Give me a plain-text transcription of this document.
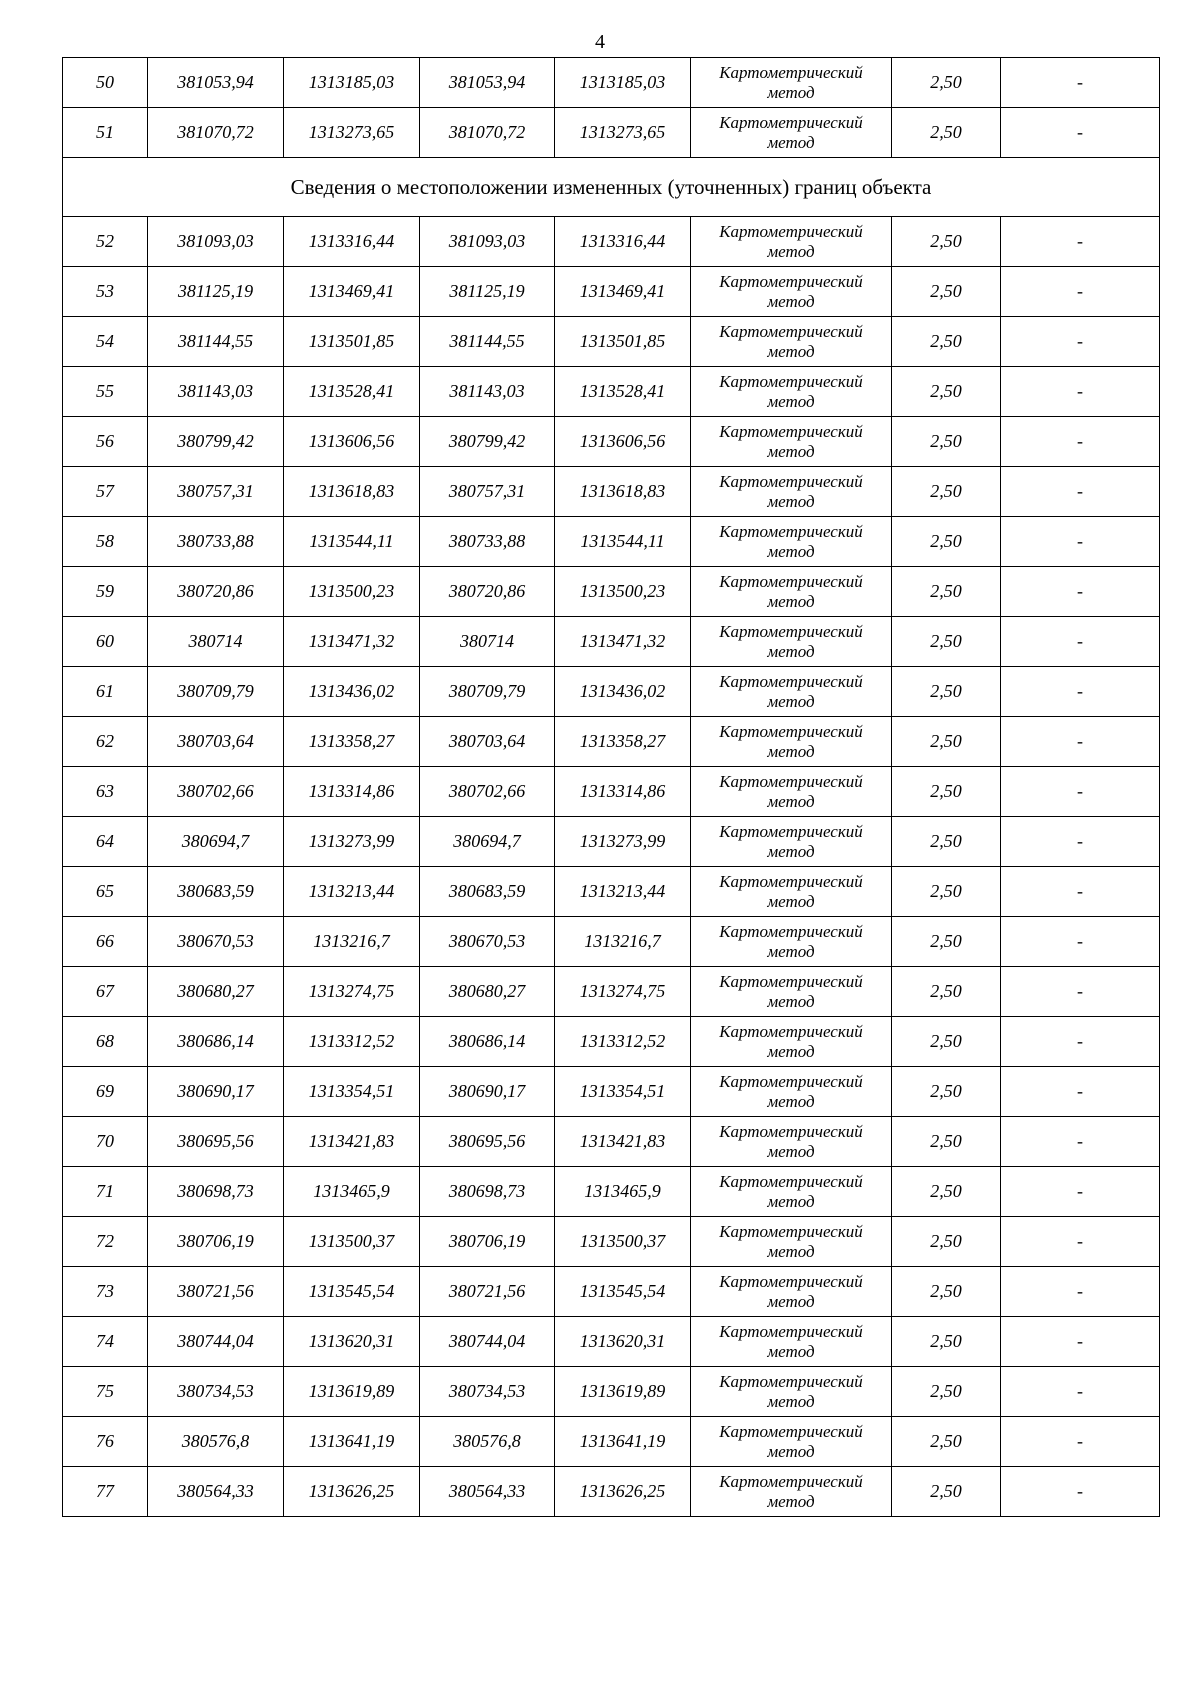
4
50	381053,94	1313185,03	381053,94	1313185,03	Картометрический
метод	2,50	-
51	381070,72	1313273,65	381070,72	1313273,65	Картометрический
метод	2,50	-
Сведения о местоположении измененных (уточненных) границ объекта							
52	381093,03	1313316,44	381093,03	1313316,44	Картометрический
метод	2,50	-
53	381125,19	1313469,41	381125,19	1313469,41	Картометрический
метод	2,50	-
54	381144,55	1313501,85	381144,55	1313501,85	Картометрический
метод	2,50	-
55	381143,03	1313528,41	381143,03	1313528,41	Картометрический
метод	2,50	-
56	380799,42	1313606,56	380799,42	1313606,56	Картометрический
метод	2,50	-
57	380757,31	1313618,83	380757,31	1313618,83	Картометрический
метод	2,50	-
58	380733,88	1313544,11	380733,88	1313544,11	Картометрический
метод	2,50	-
59	380720,86	1313500,23	380720,86	1313500,23	Картометрический
метод	2,50	-
60	380714	1313471,32	380714	1313471,32	Картометрический
метод	2,50	-
61	380709,79	1313436,02	380709,79	1313436,02	Картометрический
метод	2,50	-
62	380703,64	1313358,27	380703,64	1313358,27	Картометрический
метод	2,50	-
63	380702,66	1313314,86	380702,66	1313314,86	Картометрический
метод	2,50	-
64	380694,7	1313273,99	380694,7	1313273,99	Картометрический
метод	2,50	-
65	380683,59	1313213,44	380683,59	1313213,44	Картометрический
метод	2,50	-
66	380670,53	1313216,7	380670,53	1313216,7	Картометрический
метод	2,50	-
67	380680,27	1313274,75	380680,27	1313274,75	Картометрический
метод	2,50	-
68	380686,14	1313312,52	380686,14	1313312,52	Картометрический
метод	2,50	-
69	380690,17	1313354,51	380690,17	1313354,51	Картометрический
метод	2,50	-
70	380695,56	1313421,83	380695,56	1313421,83	Картометрический
метод	2,50	-
71	380698,73	1313465,9	380698,73	1313465,9	Картометрический
метод	2,50	-
72	380706,19	1313500,37	380706,19	1313500,37	Картометрический
метод	2,50	-
73	380721,56	1313545,54	380721,56	1313545,54	Картометрический
метод	2,50	-
74	380744,04	1313620,31	380744,04	1313620,31	Картометрический
метод	2,50	-
75	380734,53	1313619,89	380734,53	1313619,89	Картометрический
метод	2,50	-
76	380576,8	1313641,19	380576,8	1313641,19	Картометрический
метод	2,50	-
77	380564,33	1313626,25	380564,33	1313626,25	Картометрический
метод	2,50	-
